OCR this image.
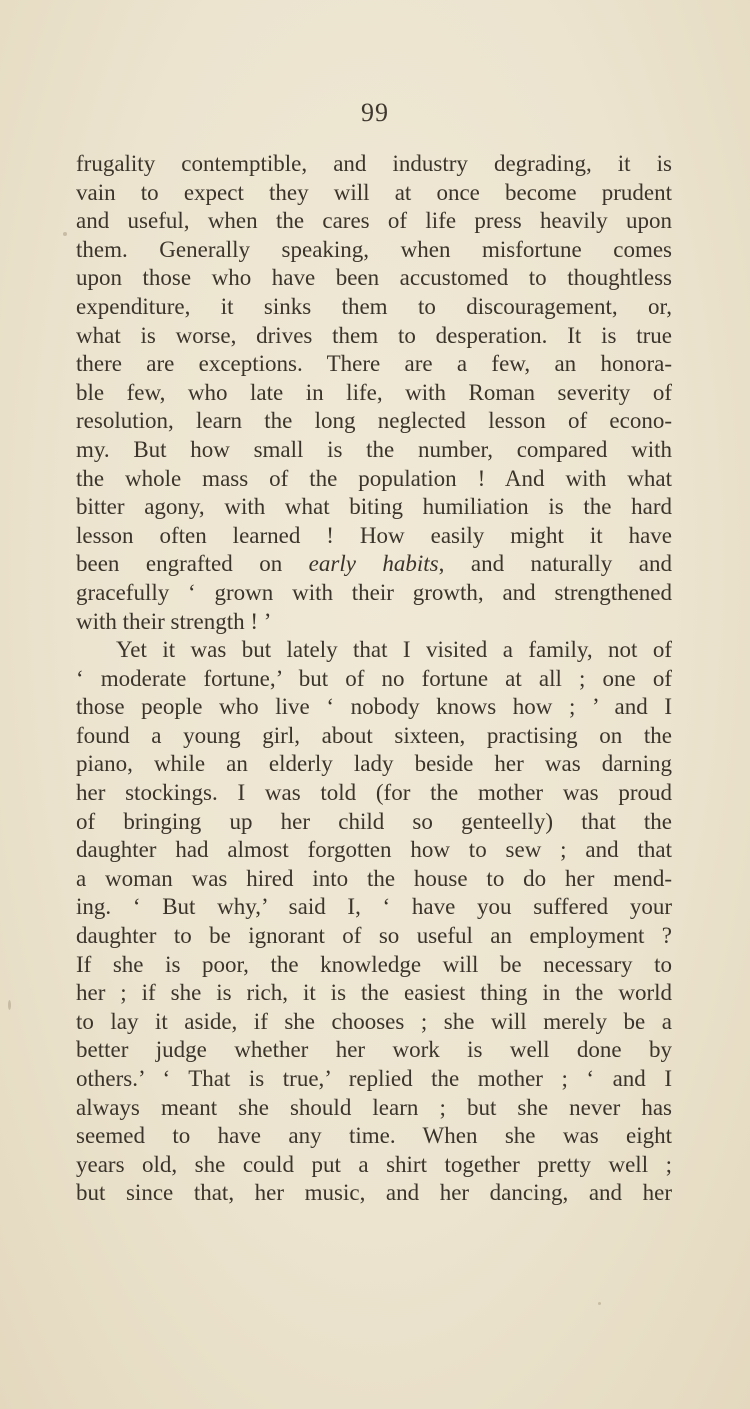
99
frugality contemptible, and industry degrading, it is
vain to expect they will at once become prudent
and useful, when the cares of life press heavily upon
them. Generally speaking, when misfortune comes
upon those who have been accustomed to thoughtless
expenditure, it sinks them to discouragement, or,
what is worse, drives them to desperation. It is true
there are exceptions. There are a few, an honora-
ble few, who late in life, with Roman severity of
resolution, learn the long neglected lesson of econo-
my. But how small is the number, compared with
the whole mass of the population ! And with what
bitter agony, with what biting humiliation is the hard
lesson often learned ! How easily might it have
been engrafted on early habits, and naturally and
gracefully ‘ grown with their growth, and strengthened
with their strength ! ’
Yet it was but lately that I visited a family, not of
‘ moderate fortune,’ but of no fortune at all ; one of
those people who live ‘ nobody knows how ; ’ and I
found a young girl, about sixteen, practising on the
piano, while an elderly lady beside her was darning
her stockings. I was told (for the mother was proud
of bringing up her child so genteelly) that the
daughter had almost forgotten how to sew ; and that
a woman was hired into the house to do her mend-
ing. ‘ But why,’ said I, ‘ have you suffered your
daughter to be ignorant of so useful an employment ?
If she is poor, the knowledge will be necessary to
her ; if she is rich, it is the easiest thing in the world
to lay it aside, if she chooses ; she will merely be a
better judge whether her work is well done by
others.’ ‘ That is true,’ replied the mother ; ‘ and I
always meant she should learn ; but she never has
seemed to have any time. When she was eight
years old, she could put a shirt together pretty well ;
but since that, her music, and her dancing, and her
